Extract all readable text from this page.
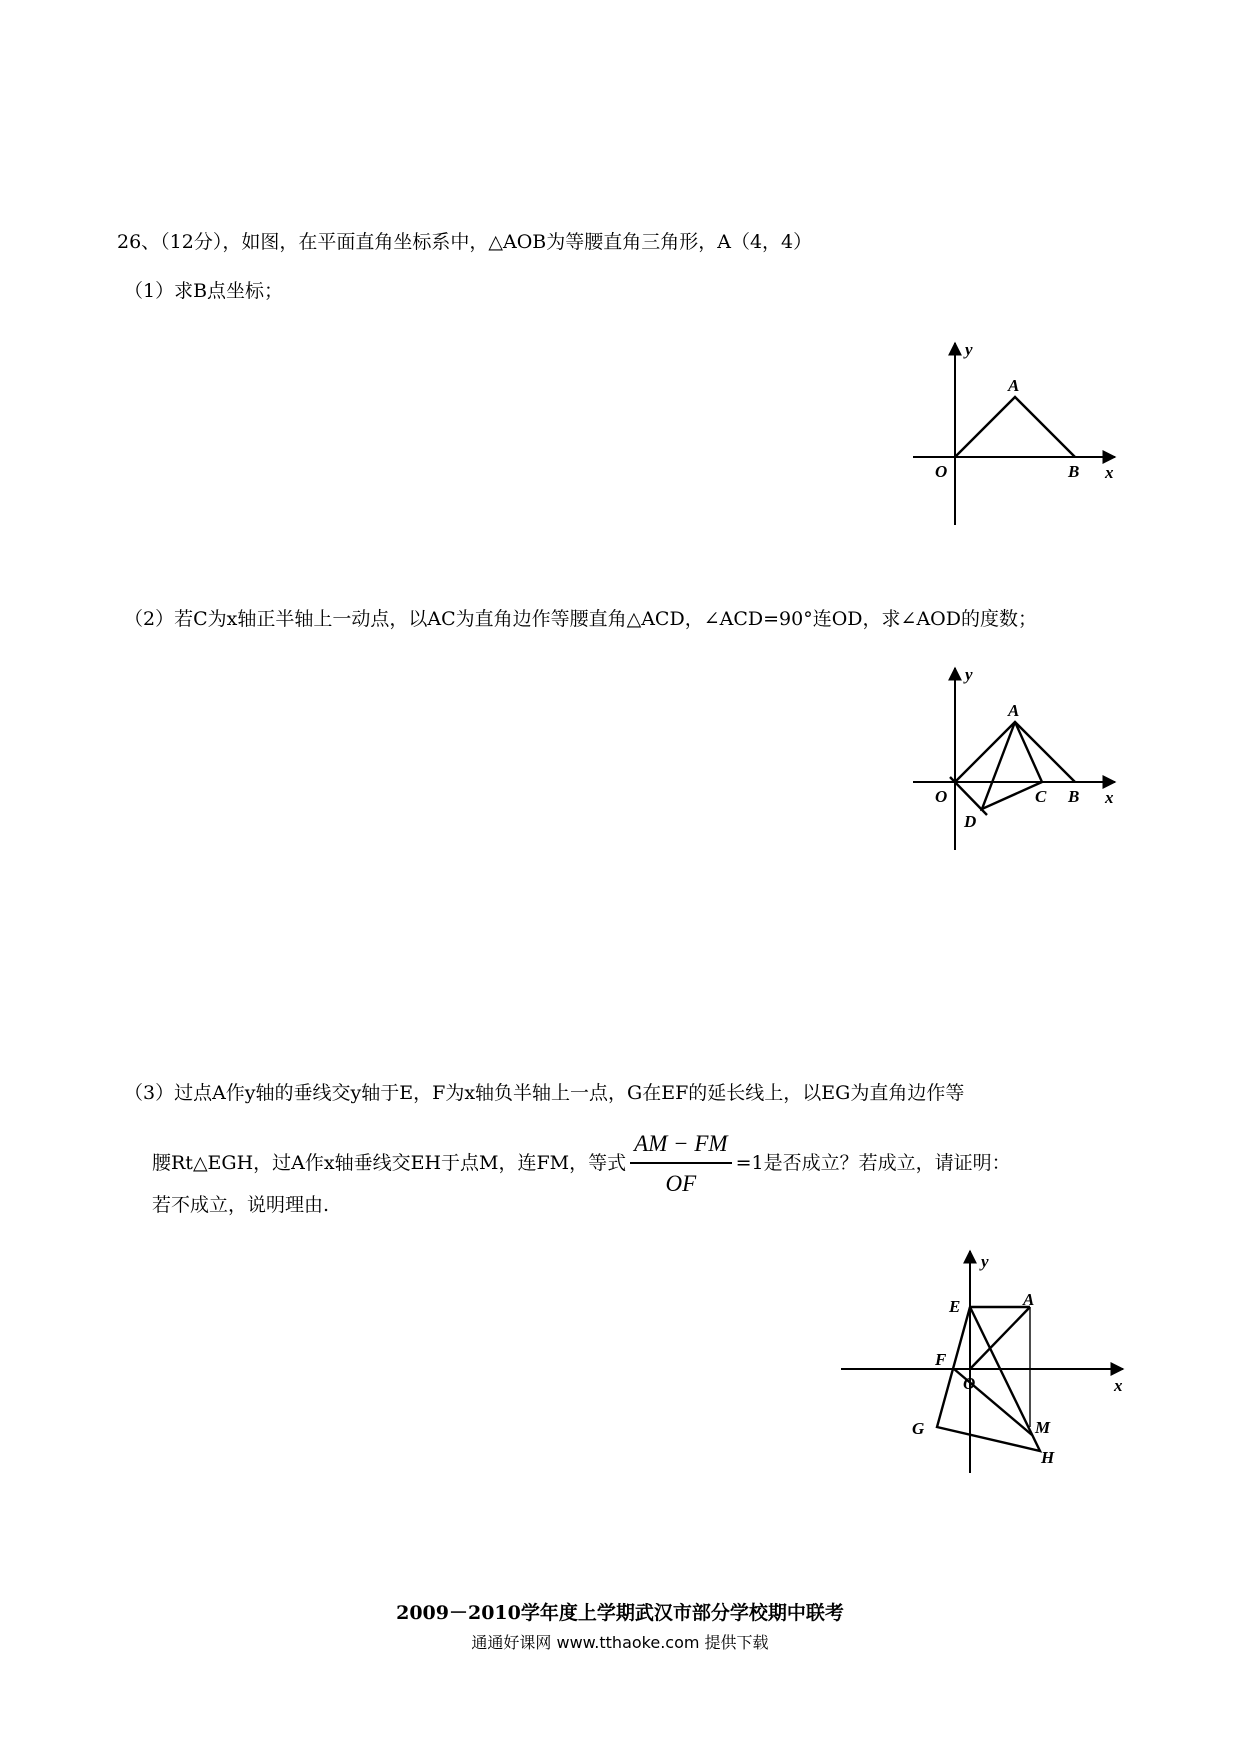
26、（12分），如图，在平面直角坐标系中，△AOB为等腰直角三角形，A（4，4）
（1）求B点坐标；
y
x
A
O	B
（2）若C为x轴正半轴上一动点，以AC为直角边作等腰直角△ACD，∠ACD=90°连OD，求∠AOD的度数；
y
x
A
O	C B
D
（3）过点A作y轴的垂线交y轴于E，F为x轴负半轴上一点，G在EF的延长线上，以EG为直角边作等
腰Rt△EGH，过A作x轴垂线交EH于点M，连FM，等式 $\frac{AM - FM}{OF} =1$是否成立？若成立，请证明：
若不成立，说明理由.
y
x
E	A
F
O
G	M
H
2009－2010学年度上学期武汉市部分学校期中联考
通通好课网 www.tthaoke.com 提供下载
